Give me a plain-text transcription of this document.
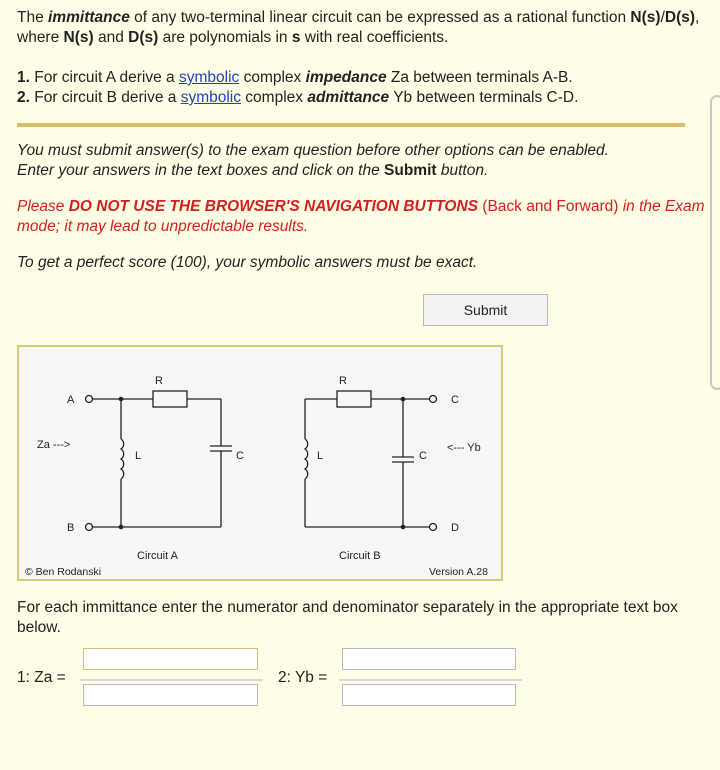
The immittance of any two-terminal linear circuit can be expressed as a rational function N(s)/D(s), where N(s) and D(s) are polynomials in s with real coefficients.
1. For circuit A derive a symbolic complex impedance Za between terminals A-B.
2. For circuit B derive a symbolic complex admittance Yb between terminals C-D.
You must submit answer(s) to the exam question before other options can be enabled.
Enter your answers in the text boxes and click on the Submit button.
Please DO NOT USE THE BROWSER'S NAVIGATION BUTTONS (Back and Forward) in the Exam mode; it may lead to unpredictable results.
To get a perfect score (100), your symbolic answers must be exact.
Submit
A
B
R
L	C
Za --->
Circuit A
R
L	C
C
D
<--- Yb
Circuit B
© Ben Rodanski	Version A.28
For each immittance enter the numerator and denominator separately in the appropriate text box below.
1: Za =	2: Yb =
